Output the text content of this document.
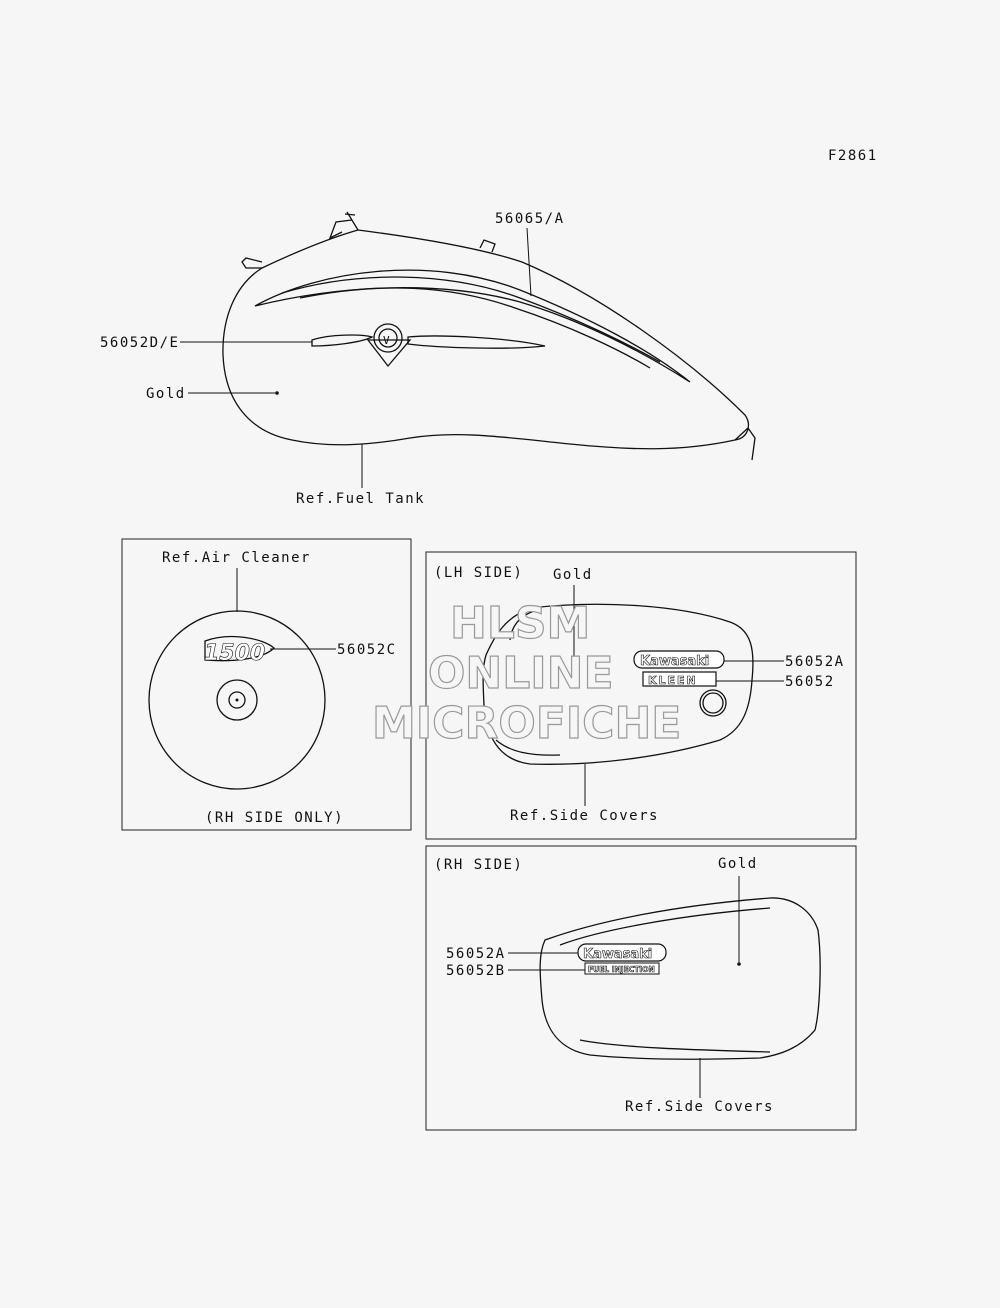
F2861
V
56065/A
56052D/E
Gold
Ref.Fuel Tank
Ref.Air Cleaner
1500	56052C
(RH SIDE ONLY)
(LH SIDE) Gold
Kawasaki
KLEEN
56052A
56052
Ref.Side Covers
HLSM
ONLINE
MICROFICHE
(RH SIDE)	Gold
Kawasaki
FUEL INJECTION
56052A
56052B
Ref.Side Covers
